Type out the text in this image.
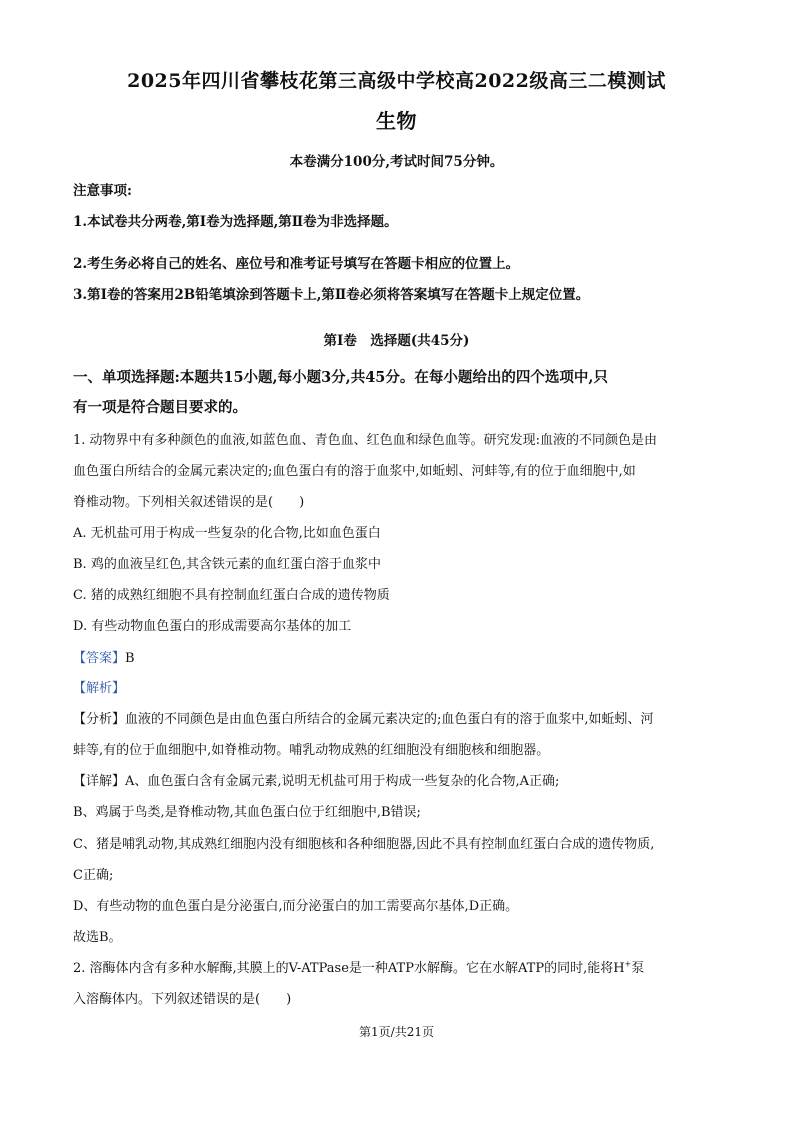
2025年四川省攀枝花第三高级中学校高2022级高三二模测试
生物
本卷满分100分,考试时间75分钟。
注意事项:
1.本试卷共分两卷,第Ⅰ卷为选择题,第Ⅱ卷为非选择题。
2.考生务必将自己的姓名、座位号和准考证号填写在答题卡相应的位置上。
3.第Ⅰ卷的答案用2B铅笔填涂到答题卡上,第Ⅱ卷必须将答案填写在答题卡上规定位置。
第Ⅰ卷　选择题(共45分)
一、单项选择题:本题共15小题,每小题3分,共45分。在每小题给出的四个选项中,只
有一项是符合题目要求的。
1. 动物界中有多种颜色的血液,如蓝色血、青色血、红色血和绿色血等。研究发现:血液的不同颜色是由
血色蛋白所结合的金属元素决定的;血色蛋白有的溶于血浆中,如蚯蚓、河蚌等,有的位于血细胞中,如
脊椎动物。下列相关叙述错误的是(　　)
A. 无机盐可用于构成一些复杂的化合物,比如血色蛋白
B. 鸡的血液呈红色,其含铁元素的血红蛋白溶于血浆中
C. 猪的成熟红细胞不具有控制血红蛋白合成的遗传物质
D. 有些动物血色蛋白的形成需要高尔基体的加工
【答案】B
【解析】
【分析】血液的不同颜色是由血色蛋白所结合的金属元素决定的;血色蛋白有的溶于血浆中,如蚯蚓、河
蚌等,有的位于血细胞中,如脊椎动物。哺乳动物成熟的红细胞没有细胞核和细胞器。
【详解】A、血色蛋白含有金属元素,说明无机盐可用于构成一些复杂的化合物,A正确;
B、鸡属于鸟类,是脊椎动物,其血色蛋白位于红细胞中,B错误;
C、猪是哺乳动物,其成熟红细胞内没有细胞核和各种细胞器,因此不具有控制血红蛋白合成的遗传物质,
C正确;
D、有些动物的血色蛋白是分泌蛋白,而分泌蛋白的加工需要高尔基体,D正确。
故选B。
2. 溶酶体内含有多种水解酶,其膜上的V-ATPase是一种ATP水解酶。它在水解ATP的同时,能将H+泵
入溶酶体内。下列叙述错误的是(　　)
第1页/共21页
